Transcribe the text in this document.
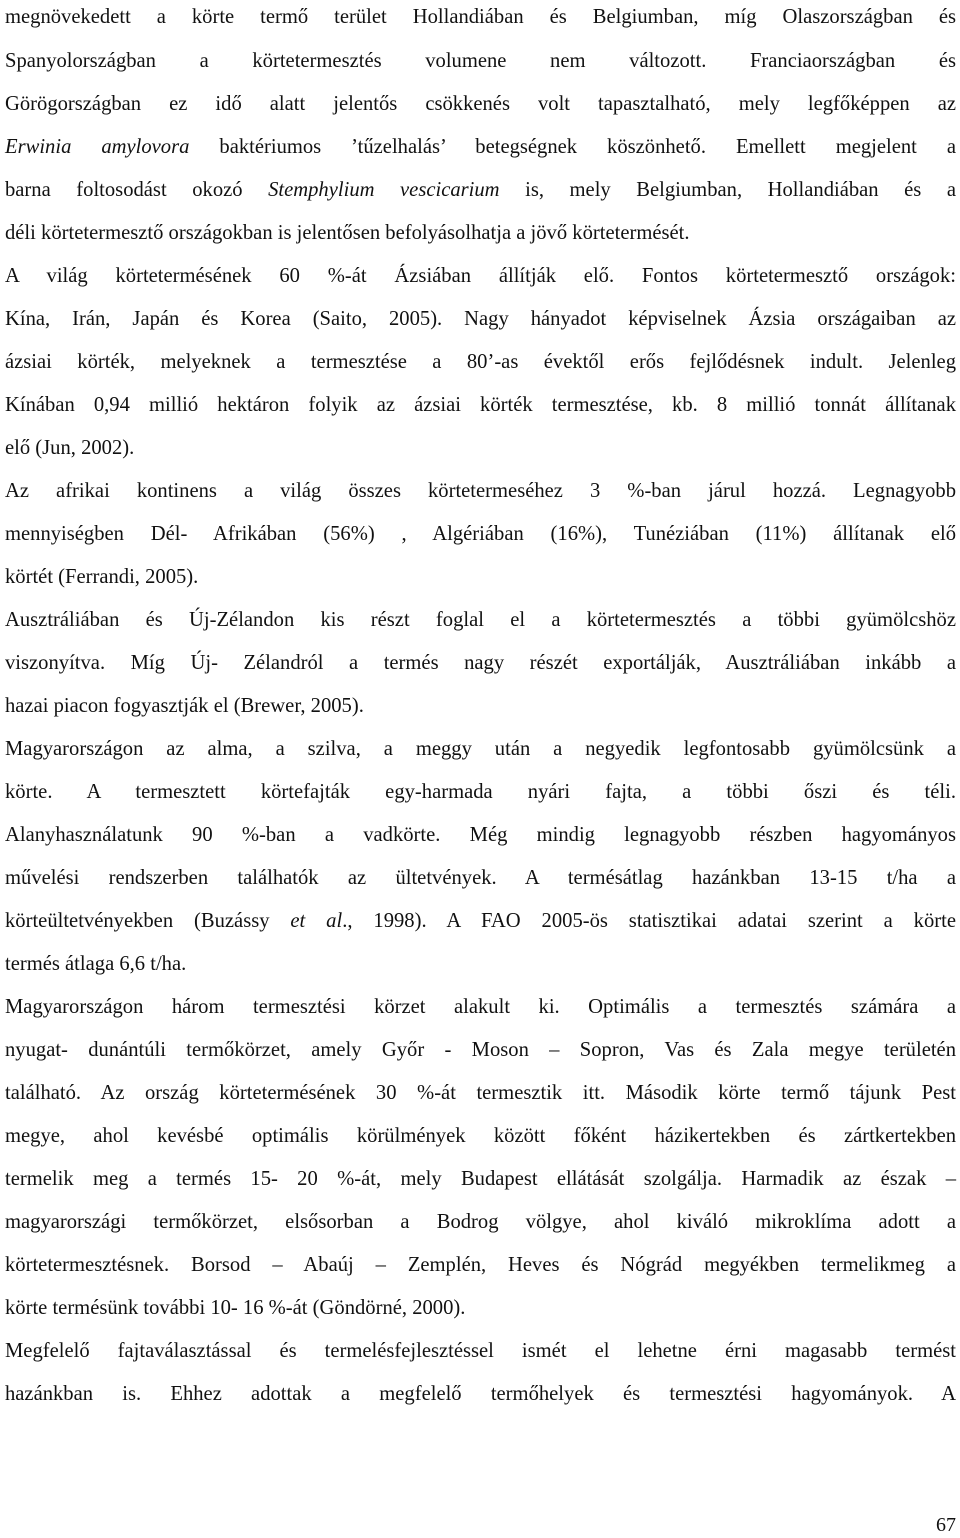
megnövekedett a körte termő terület Hollandiában és Belgiumban, míg Olaszországban és
Spanyolországban a körtetermesztés volumene nem változott. Franciaországban és
Görögországban ez idő alatt jelentős csökkenés volt tapasztalható, mely legfőképpen az
Erwinia amylovora baktériumos ’tűzelhalás’ betegségnek köszönhető. Emellett megjelent a
barna foltosodást okozó Stemphylium vescicarium is, mely Belgiumban, Hollandiában és a
déli körtetermesztő országokban is jelentősen befolyásolhatja a jövő körtetermését.
A világ körtetermésének 60 %-át Ázsiában állítják elő. Fontos körtetermesztő országok:
Kína, Irán, Japán és Korea (Saito, 2005). Nagy hányadot képviselnek Ázsia országaiban az
ázsiai körték, melyeknek a termesztése a 80’-as évektől erős fejlődésnek indult. Jelenleg
Kínában 0,94 millió hektáron folyik az ázsiai körték termesztése, kb. 8 millió tonnát állítanak
elő (Jun, 2002).
Az afrikai kontinens a világ összes körtetermeséhez 3 %-ban járul hozzá. Legnagyobb
mennyiségben Dél- Afrikában (56%) , Algériában (16%), Tunéziában (11%) állítanak elő
körtét (Ferrandi, 2005).
Ausztráliában és Új-Zélandon kis részt foglal el a körtetermesztés a többi gyümölcshöz
viszonyítva. Míg Új- Zélandról a termés nagy részét exportálják, Ausztráliában inkább a
hazai piacon fogyasztják el (Brewer, 2005).
Magyarországon az alma, a szilva, a meggy után a negyedik legfontosabb gyümölcsünk a
körte. A termesztett körtefajták egy-harmada nyári fajta, a többi őszi és téli.
Alanyhasználatunk 90 %-ban a vadkörte. Még mindig legnagyobb részben hagyományos
művelési rendszerben találhatók az ültetvények. A termésátlag hazánkban 13-15 t/ha a
körteültetvényekben (Buzássy et al., 1998). A FAO 2005-ös statisztikai adatai szerint a körte
termés átlaga 6,6 t/ha.
Magyarországon három termesztési körzet alakult ki. Optimális a termesztés számára a
nyugat- dunántúli termőkörzet, amely Győr - Moson – Sopron, Vas és Zala megye területén
található. Az ország körtetermésének 30 %-át termesztik itt. Második körte termő tájunk Pest
megye, ahol kevésbé optimális körülmények között főként házikertekben és zártkertekben
termelik meg a termés 15- 20 %-át, mely Budapest ellátását szolgálja. Harmadik az észak –
magyarországi termőkörzet, elsősorban a Bodrog völgye, ahol kiváló mikroklíma adott a
körtetermesztésnek. Borsod – Abaúj – Zemplén, Heves és Nógrád megyékben termelikmeg a
körte termésünk további 10- 16 %-át (Göndörné, 2000).
Megfelelő fajtaválasztással és termelésfejlesztéssel ismét el lehetne érni magasabb termést
hazánkban is. Ehhez adottak a megfelelő termőhelyek és termesztési hagyományok. A
67
